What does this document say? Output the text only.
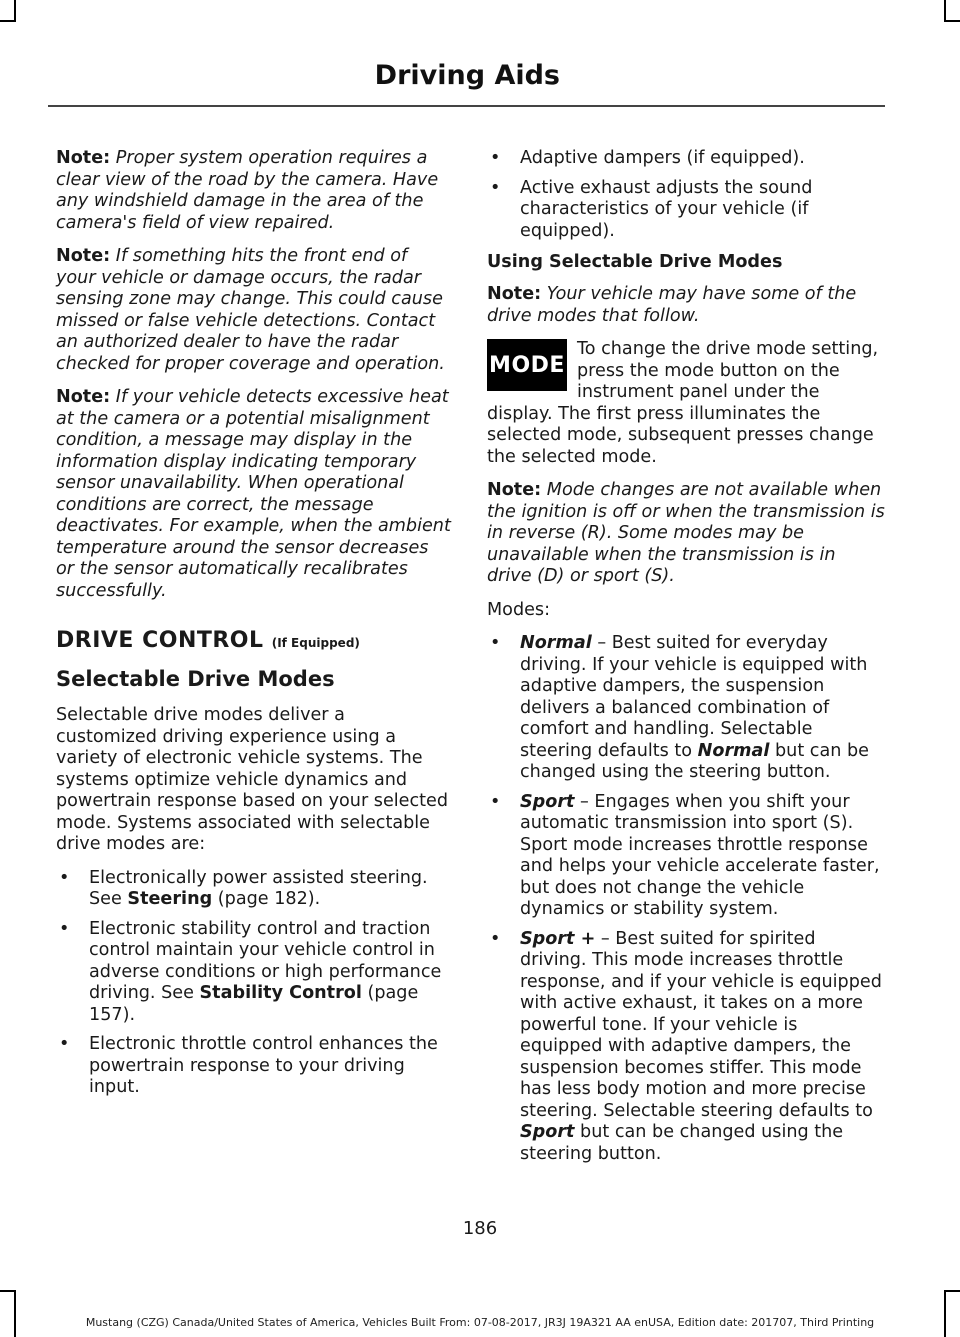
Driving Aids

Note: Proper system operation requires a clear view of the road by the camera. Have any windshield damage in the area of the camera's field of view repaired.

Note: If something hits the front end of your vehicle or damage occurs, the radar sensing zone may change. This could cause missed or false vehicle detections. Contact an authorized dealer to have the radar checked for proper coverage and operation.

Note: If your vehicle detects excessive heat at the camera or a potential misalignment condition, a message may display in the information display indicating temporary sensor unavailability. When operational conditions are correct, the message deactivates. For example, when the ambient temperature around the sensor decreases or the sensor automatically recalibrates successfully.

DRIVE CONTROL (If Equipped)
Selectable Drive Modes

Selectable drive modes deliver a customized driving experience using a variety of electronic vehicle systems. The systems optimize vehicle dynamics and powertrain response based on your selected mode. Systems associated with selectable drive modes are:

• Electronically power assisted steering. See Steering (page 182).
• Electronic stability control and traction control maintain your vehicle control in adverse conditions or high performance driving. See Stability Control (page 157).
• Electronic throttle control enhances the powertrain response to your driving input.
• Adaptive dampers (if equipped).
• Active exhaust adjusts the sound characteristics of your vehicle (if equipped).
Using Selectable Drive Modes

Note: Your vehicle may have some of the drive modes that follow.

MODE

To change the drive mode setting, press the mode button on the instrument panel under the display. The first press illuminates the selected mode, subsequent presses change the selected mode.

Note: Mode changes are not available when the ignition is off or when the transmission is in reverse (R). Some modes may be unavailable when the transmission is in drive (D) or sport (S).

Modes:

• Normal – Best suited for everyday driving. If your vehicle is equipped with adaptive dampers, the suspension delivers a balanced combination of comfort and handling. Selectable steering defaults to Normal but can be changed using the steering button.
• Sport – Engages when you shift your automatic transmission into sport (S). Sport mode increases throttle response and helps your vehicle accelerate faster, but does not change the vehicle dynamics or stability system.
• Sport + – Best suited for spirited driving. This mode increases throttle response, and if your vehicle is equipped with active exhaust, it takes on a more powerful tone. If your vehicle is equipped with adaptive dampers, the suspension becomes stiffer. This mode has less body motion and more precise steering. Selectable steering defaults to Sport but can be changed using the steering button.
186
Mustang (CZG) Canada/United States of America, Vehicles Built From: 07-08-2017, JR3J 19A321 AA enUSA, Edition date: 201707, Third Printing
